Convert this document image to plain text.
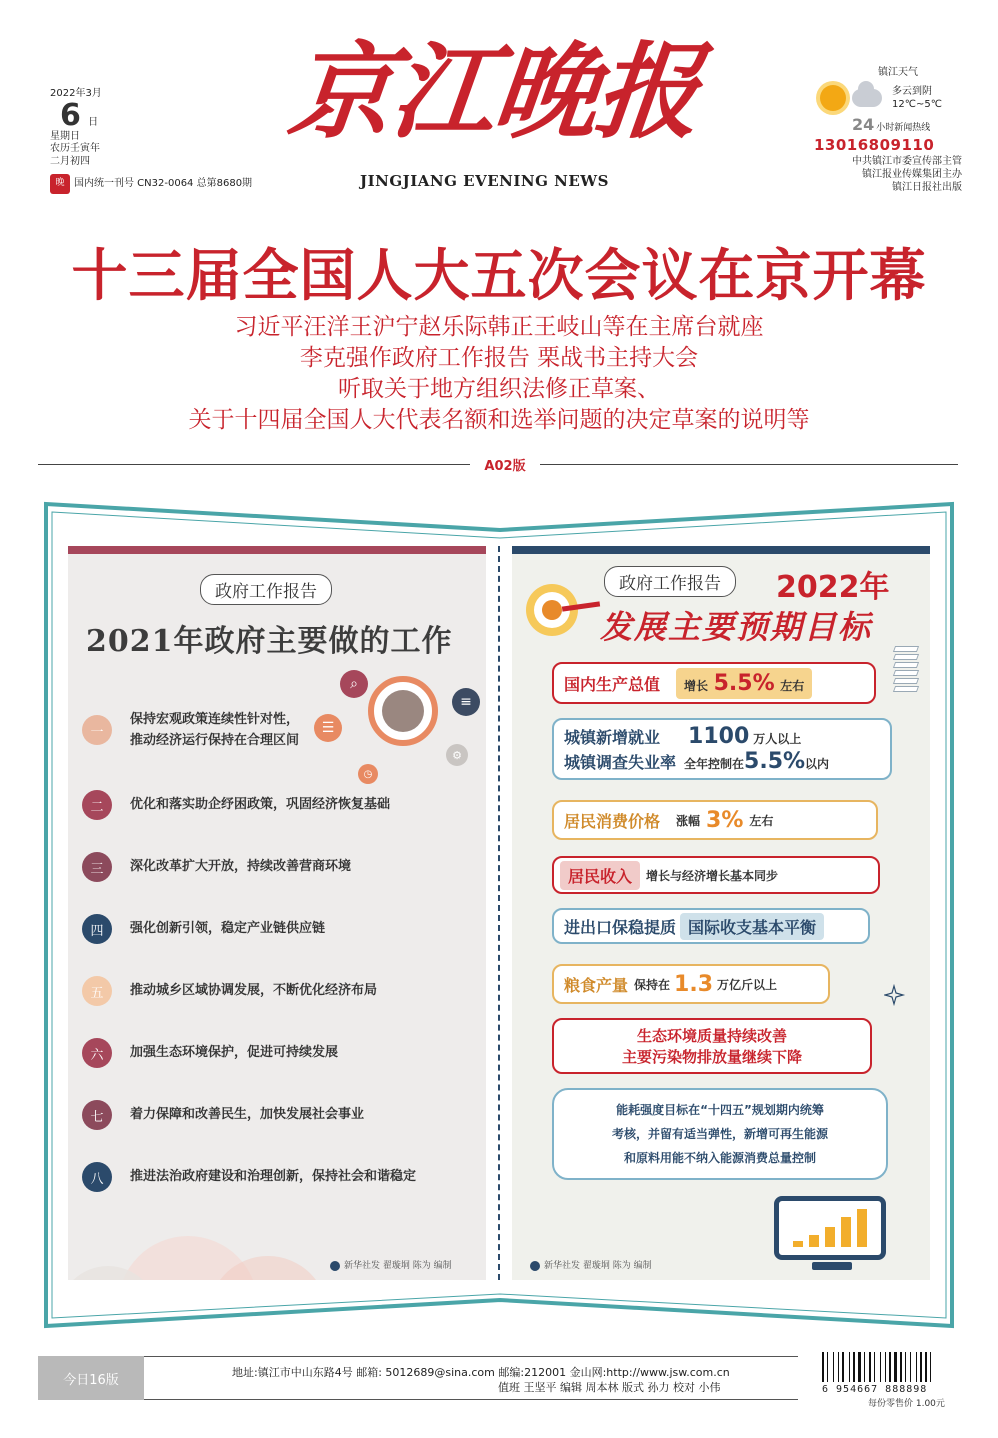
2022年3月
6 日
星期日
农历壬寅年
二月初四
晚 国内统一刊号 CN32-0064 总第8680期
京江晚报
JINGJIANG EVENING NEWS
镇江天气
多云到阴
12℃~5℃
24 小时新闻热线
13016809110
中共镇江市委宣传部主管
镇江报业传媒集团主办
镇江日报社出版
十三届全国人大五次会议在京开幕
习近平汪洋王沪宁赵乐际韩正王岐山等在主席台就座
李克强作政府工作报告 栗战书主持大会
听取关于地方组织法修正草案、
关于十四届全国人大代表名额和选举问题的决定草案的说明等
A02版
政府工作报告
2021年政府主要做的工作
⌕
≡
☰
⚙
◷
一
保持宏观政策连续性针对性，
推动经济运行保持在合理区间
二	优化和落实助企纾困政策，巩固经济恢复基础
三	深化改革扩大开放，持续改善营商环境
四	强化创新引领，稳定产业链供应链
五	推动城乡区域协调发展，不断优化经济布局
六	加强生态环境保护，促进可持续发展
七	着力保障和改善民生，加快发展社会事业
八	推进法治政府建设和治理创新，保持社会和谐稳定
新华社发 翟璇垌 陈为 编制
政府工作报告	2022年
发展主要预期目标
国内生产总值	增长 5.5% 左右
城镇新增就业 1100 万人以上
城镇调查失业率 全年控制在 5.5% 以内
居民消费价格 涨幅 3% 左右
居民收入	增长与经济增长基本同步
进出口保稳提质 国际收支基本平衡
粮食产量 保持在 1.3 万亿斤以上
生态环境质量持续改善
主要污染物排放量继续下降
能耗强度目标在“十四五”规划期内统筹
考核，并留有适当弹性，新增可再生能源
和原料用能不纳入能源消费总量控制
新华社发 翟璇垌 陈为 编制
今日16版	地址:镇江市中山东路4号 邮箱: 5012689@sina.com 邮编:212001 金山网:http://www.jsw.com.cn
值班 王坚平 编辑 周本林 版式 孙力 校对 小伟	6 954667 888898
每份零售价 1.00元
